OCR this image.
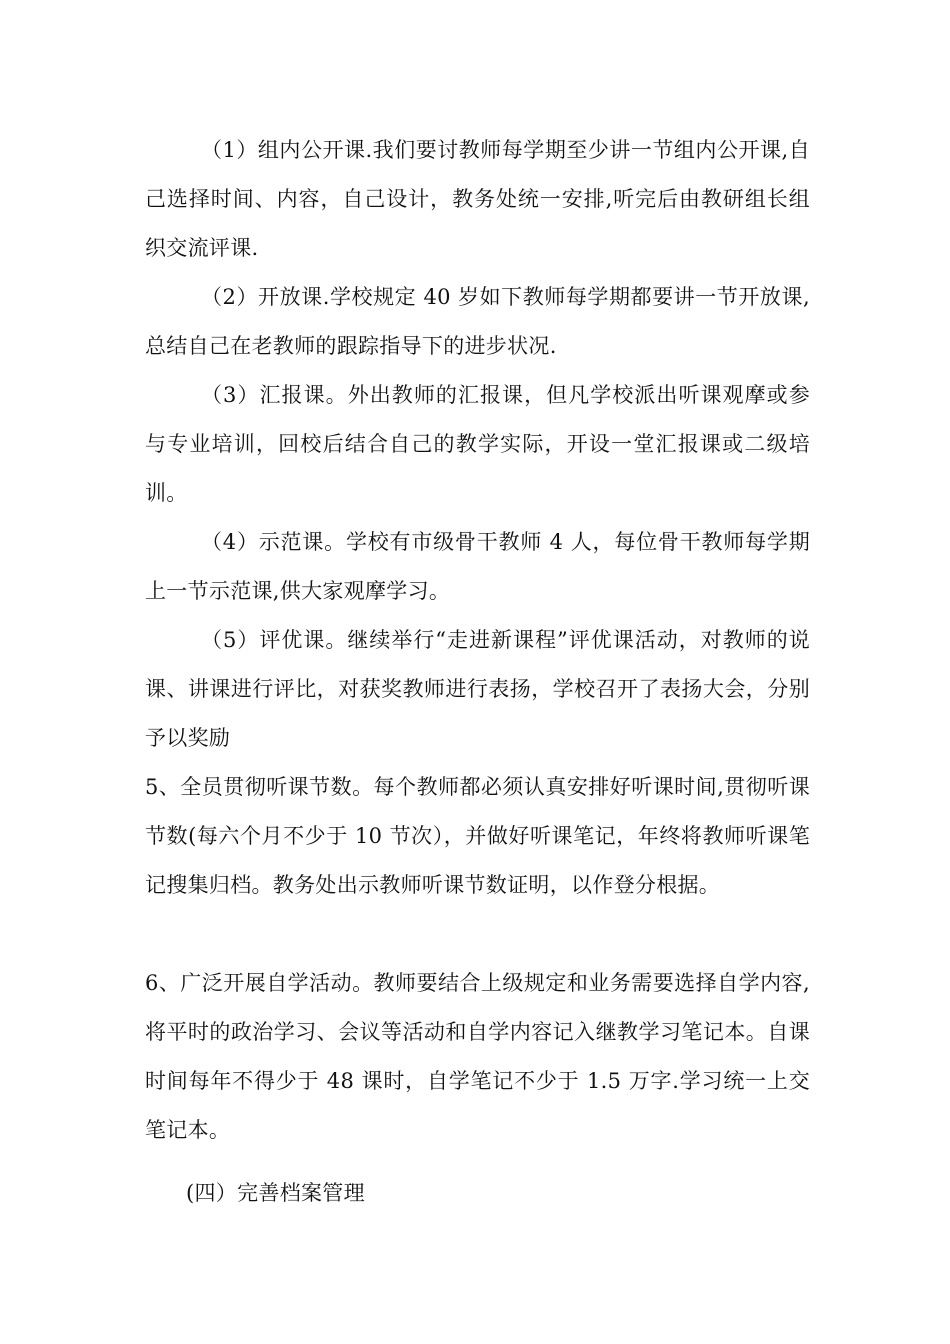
（1）组内公开课.我们要讨教师每学期至少讲一节组内公开课,自己选择时间、内容，自己设计，教务处统一安排,听完后由教研组长组织交流评课.

（2）开放课.学校规定 40 岁如下教师每学期都要讲一节开放课,总结自己在老教师的跟踪指导下的进步状况.

（3）汇报课。外出教师的汇报课，但凡学校派出听课观摩或参与专业培训，回校后结合自己的教学实际，开设一堂汇报课或二级培训。

（4）示范课。学校有市级骨干教师 4 人，每位骨干教师每学期上一节示范课,供大家观摩学习。

（5）评优课。继续举行“走进新课程”评优课活动，对教师的说课、讲课进行评比，对获奖教师进行表扬，学校召开了表扬大会，分别予以奖励

5、全员贯彻听课节数。每个教师都必须认真安排好听课时间,贯彻听课节数(每六个月不少于 10 节次），并做好听课笔记，年终将教师听课笔记搜集归档。教务处出示教师听课节数证明，以作登分根据。

6、广泛开展自学活动。教师要结合上级规定和业务需要选择自学内容,将平时的政治学习、会议等活动和自学内容记入继教学习笔记本。自课时间每年不得少于 48 课时，自学笔记不少于 1.5 万字.学习统一上交笔记本。

(四）完善档案管理
